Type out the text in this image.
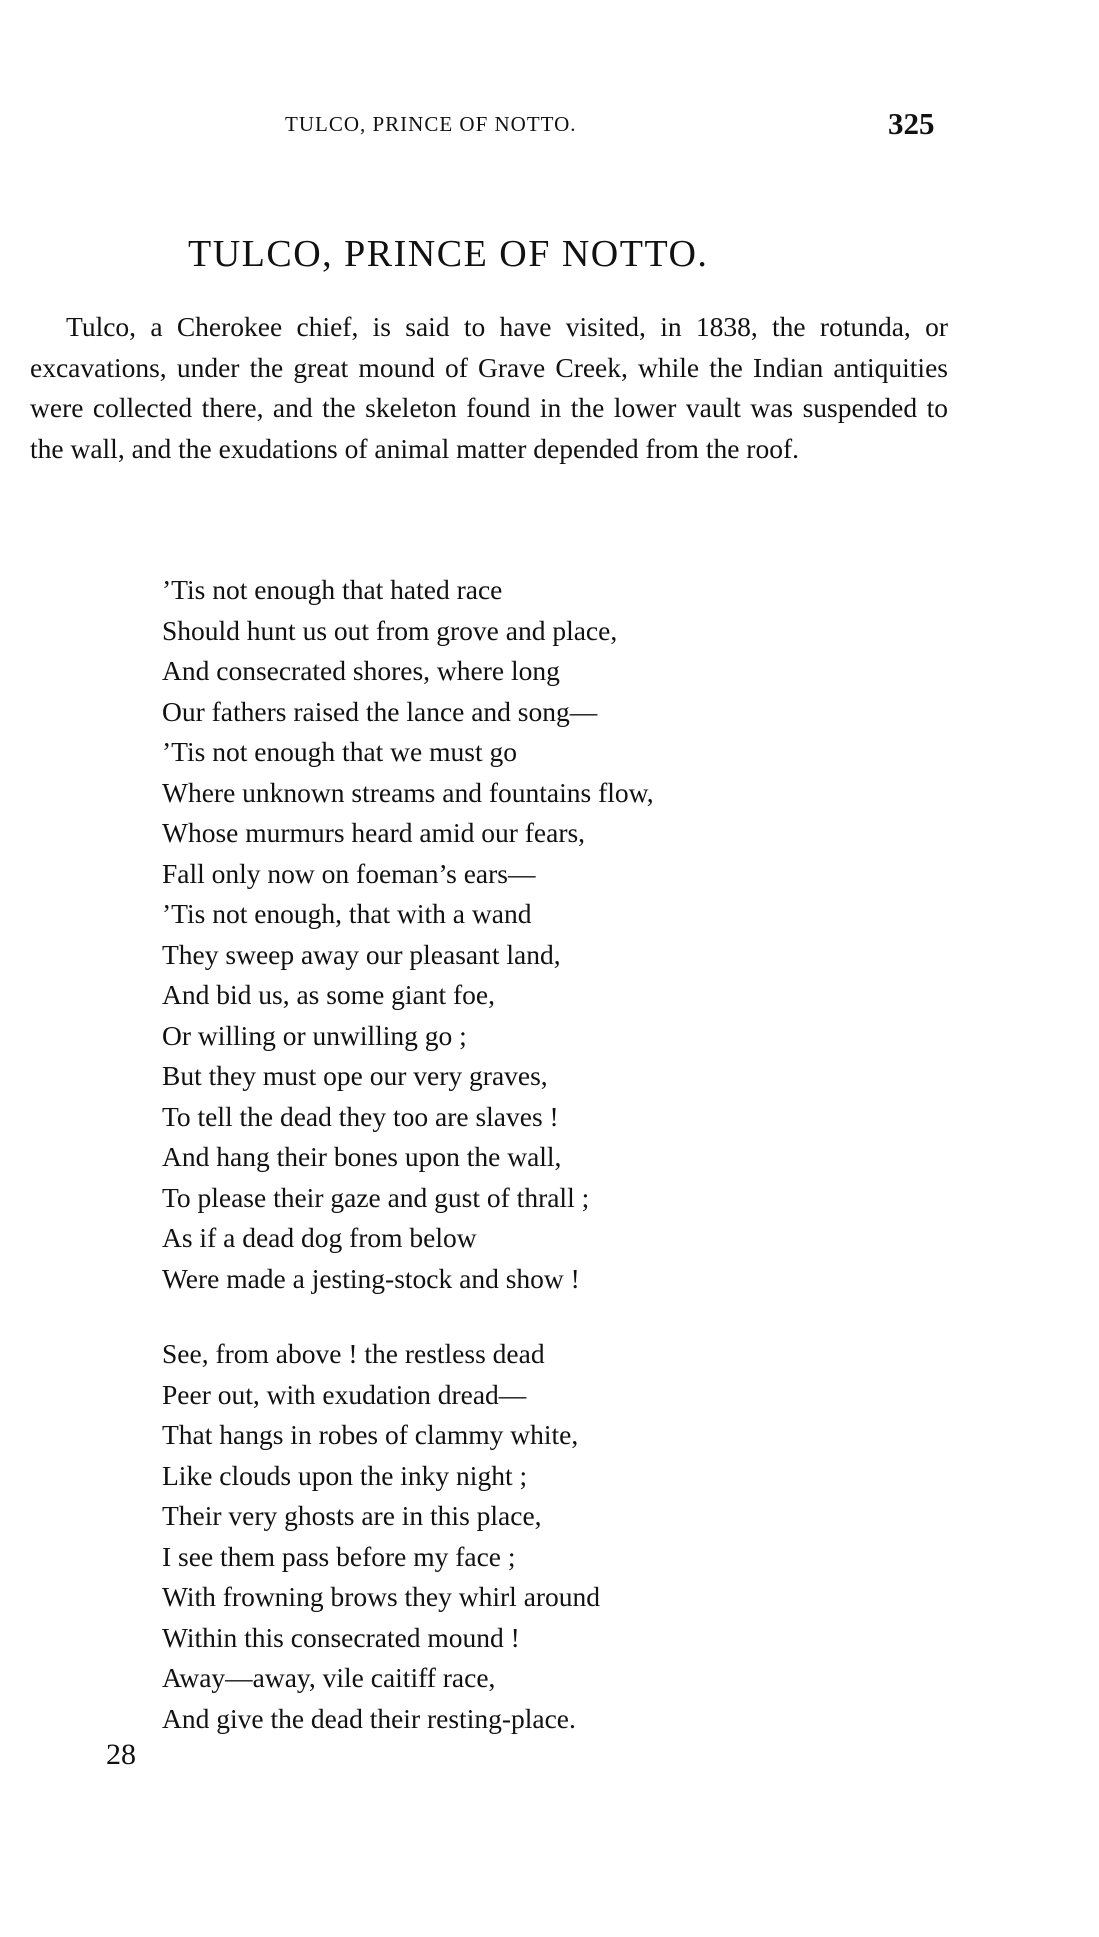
TULCO, PRINCE OF NOTTO.	325
TULCO, PRINCE OF NOTTO.

Tulco, a Cherokee chief, is said to have visited, in 1838, the rotunda, or excavations, under the great mound of Grave Creek, while the Indian antiquities were collected there, and the skeleton found in the lower vault was suspended to the wall, and the exudations of animal matter depended from the roof.

’Tis not enough that hated race
Should hunt us out from grove and place,
And consecrated shores, where long
Our fathers raised the lance and song—
’Tis not enough that we must go
Where unknown streams and fountains flow,
Whose murmurs heard amid our fears,
Fall only now on foeman’s ears—
’Tis not enough, that with a wand
They sweep away our pleasant land,
And bid us, as some giant foe,
Or willing or unwilling go ;
But they must ope our very graves,
To tell the dead they too are slaves !
And hang their bones upon the wall,
To please their gaze and gust of thrall ;
As if a dead dog from below
Were made a jesting-stock and show !
See, from above ! the restless dead
Peer out, with exudation dread—
That hangs in robes of clammy white,
Like clouds upon the inky night ;
Their very ghosts are in this place,
I see them pass before my face ;
With frowning brows they whirl around
Within this consecrated mound !
Away—away, vile caitiff race,
And give the dead their resting-place.
28
